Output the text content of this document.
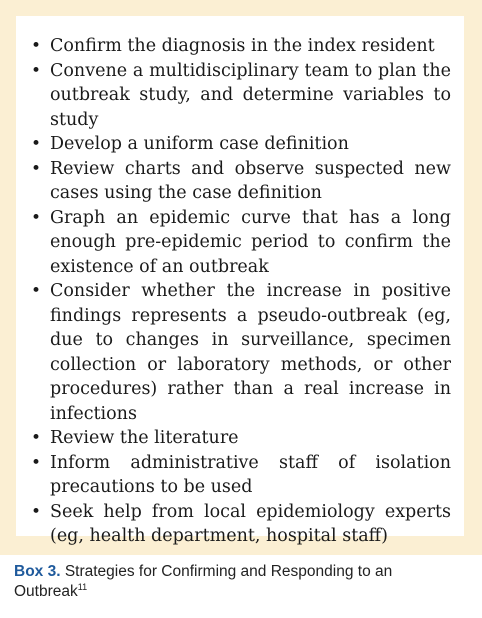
• Confirm the diagnosis in the index resident
• Convene a multidisciplinary team to plan the outbreak study, and determine variables to study
• Develop a uniform case definition
• Review charts and observe suspected new cases using the case definition
• Graph an epidemic curve that has a long enough pre-epidemic period to confirm the existence of an outbreak
• Consider whether the increase in positive findings represents a pseudo-outbreak (eg, due to changes in surveillance, specimen collection or laboratory methods, or other procedures) rather than a real increase in infections
• Review the literature
• Inform administrative staff of isolation precautions to be used
• Seek help from local epidemiology experts (eg, health department, hospital staff)
Box 3. Strategies for Confirming and Responding to an Outbreak$^{11}$
